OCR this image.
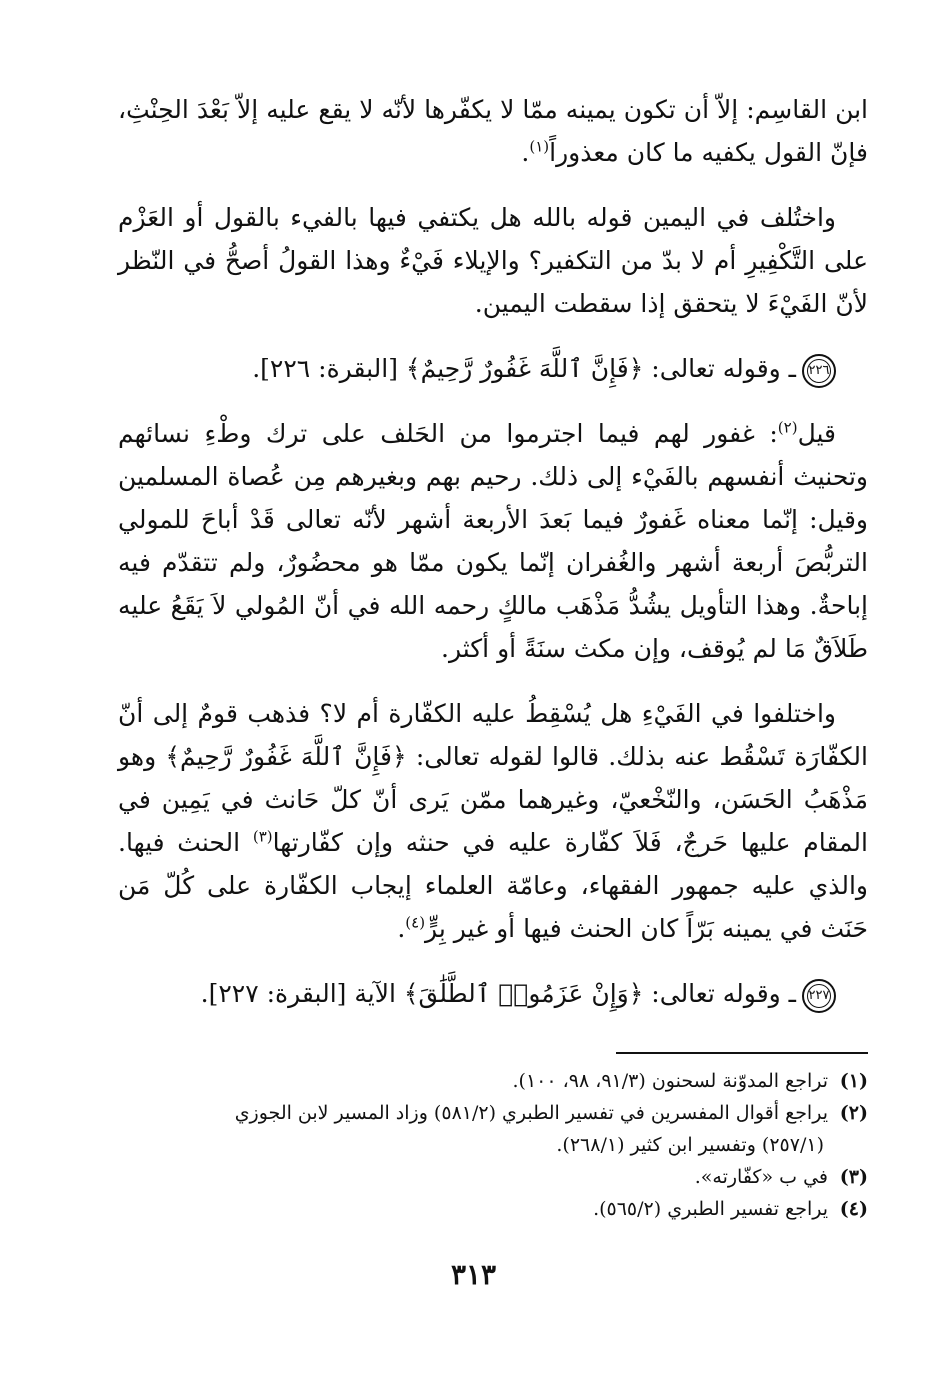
ابن القاسِم: إلاّ أن تكون يمينه ممّا لا يكفّرها لأنّه لا يقع عليه إلاّ بَعْدَ الحِنْثِ، فإنّ القول يكفيه ما كان معذوراً$^{(١)}$.

واختُلف في اليمين قوله بالله هل يكتفي فيها بالفيء بالقول أو العَزْم على التَّكْفِيرِ أم لا بدّ من التكفير؟ والإيلاء فَيْءٌ وهذا القولُ أصحُّ في النّظر لأنّ الفَيْءَ لا يتحقق إذا سقطت اليمين.

٢٢٦ـ وقوله تعالى: ﴿فَإِنَّ ٱللَّهَ غَفُورٌ رَّحِيمٌ﴾ [البقرة: ٢٢٦].

قيل$^{(٢)}$: غفور لهم فيما اجترموا من الحَلف على ترك وطْءِ نسائهم وتحنيث أنفسهم بالفَيْء إلى ذلك. رحيم بهم وبغيرهم مِن عُصاة المسلمين وقيل: إنّما معناه غَفورٌ فيما بَعدَ الأربعة أشهر لأنّه تعالى قَدْ أباحَ للمولي التربُّصَ أربعة أشهر والغُفران إنّما يكون ممّا هو محضُورٌ، ولم تتقدّم فيه إباحةٌ. وهذا التأويل يشُدُّ مَذْهَب مالكٍ رحمه الله في أنّ المُولي لاَ يَقَعُ عليه طَلاَقٌ مَا لم يُوقف، وإن مكث سنَةً أو أكثر.

واختلفوا في الفَيْءِ هل يُسْقِطُ عليه الكفّارة أم لا؟ فذهب قومٌ إلى أنّ الكفّارَة تَسْقُط عنه بذلك. قالوا لقوله تعالى: ﴿فَإِنَّ ٱللَّهَ غَفُورٌ رَّحِيمٌ﴾ وهو مَذْهَبُ الحَسَن، والنّخْعيّ، وغيرهما ممّن يَرى أنّ كلّ حَانث في يَمِين في المقام عليها حَرجٌ، فَلاَ كفّارة عليه في حنثه وإن كفّارتها$^{(٣)}$ الحنث فيها. والذي عليه جمهور الفقهاء، وعامّة العلماء إيجاب الكفّارة على كُلّ مَن حَنَث في يمينه بَرّاً كان الحنث فيها أو غير بِرٍّ$^{(٤)}$.

٢٢٧ـ وقوله تعالى: ﴿وَإِنْ عَزَمُوا۟ ٱلطَّلَٰقَ﴾ الآية [البقرة: ٢٢٧].

(١)تراجع المدوّنة لسحنون (٩١/٣، ٩٨، ١٠٠).

(٢)يراجع أقوال المفسرين في تفسير الطبري (٥٨١/٢) وزاد المسير لابن الجوزي
(٢٥٧/١) وتفسير ابن كثير (٢٦٨/١).

(٣)في ب «كفّارته».

(٤)يراجع تفسير الطبري (٥٦٥/٢).

٣١٣
